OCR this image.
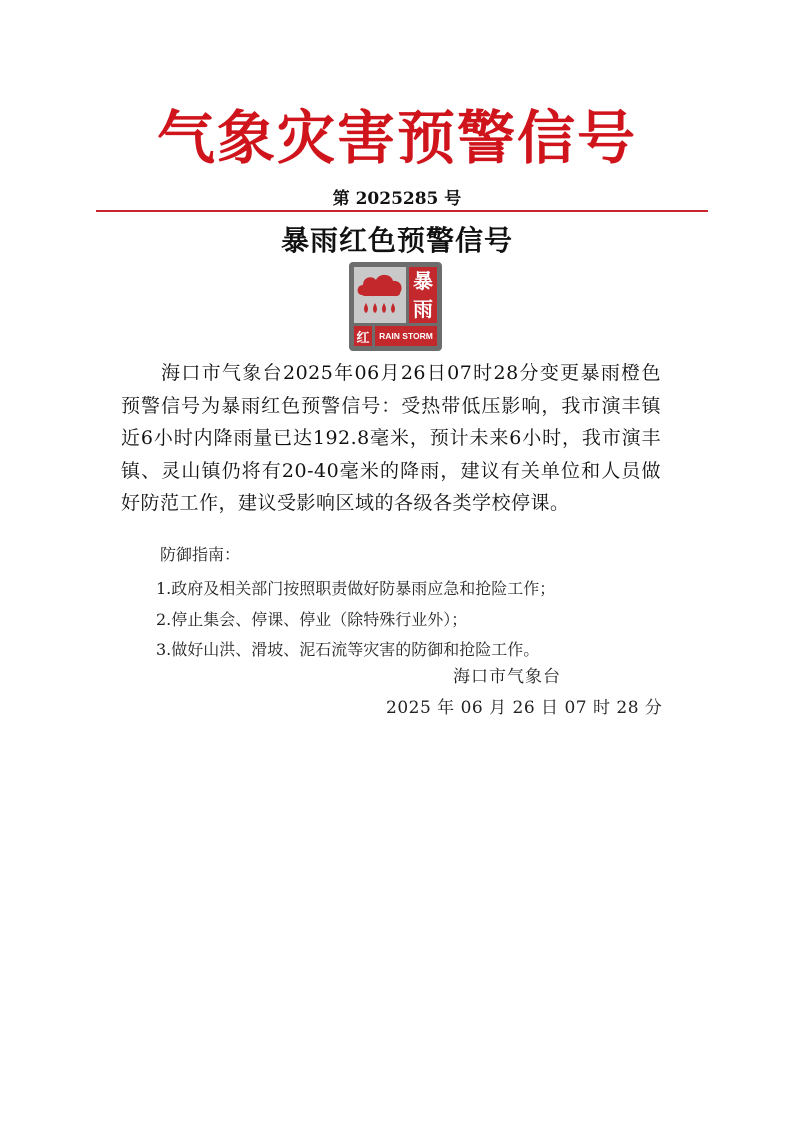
气象灾害预警信号
第 2025285 号
暴雨红色预警信号
暴
雨
红	RAIN STORM
海口市气象台2025年06月26日07时28分变更暴雨橙色预警信号为暴雨红色预警信号：受热带低压影响，我市演丰镇近6小时内降雨量已达192.8毫米，预计未来6小时，我市演丰镇、灵山镇仍将有20-40毫米的降雨，建议有关单位和人员做好防范工作，建议受影响区域的各级各类学校停课。
防御指南：
1.政府及相关部门按照职责做好防暴雨应急和抢险工作；
2.停止集会、停课、停业（除特殊行业外）；
3.做好山洪、滑坡、泥石流等灾害的防御和抢险工作。
海口市气象台
2025 年 06 月 26 日 07 时 28 分
